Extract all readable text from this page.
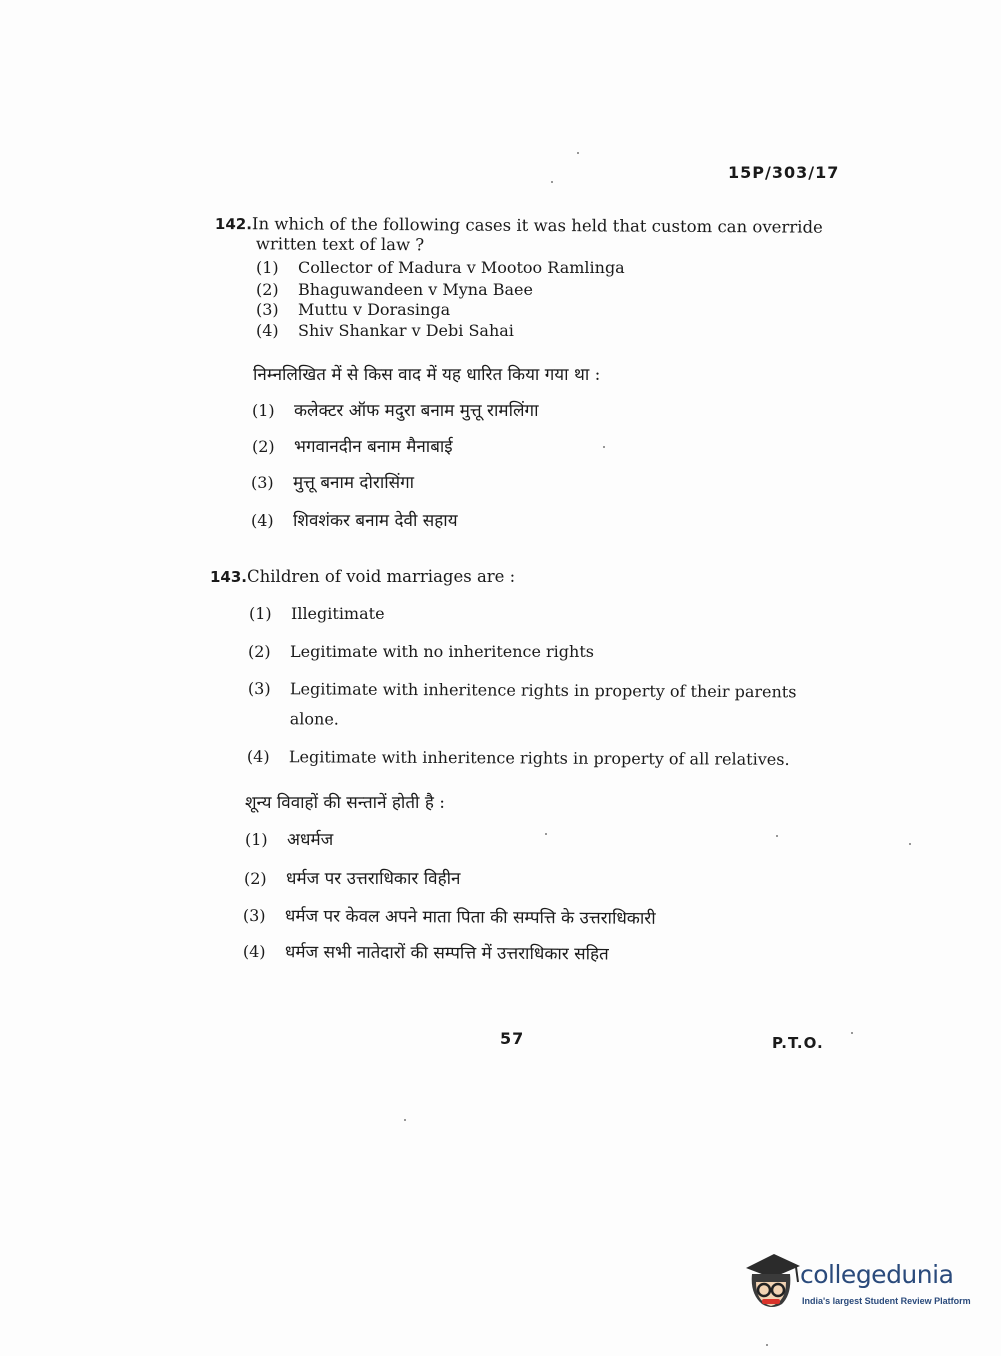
15P/303/17
142.In which of the following cases it was held that custom can override
written text of law ?
(1) Collector of Madura v Mootoo Ramlinga
(2) Bhaguwandeen v Myna Baee
(3) Muttu v Dorasinga
(4) Shiv Shankar v Debi Sahai
निम्नलिखित में से किस वाद में यह धारित किया गया था :
(1) कलेक्टर ऑफ मदुरा बनाम मुत्तू रामलिंगा
(2) भगवानदीन बनाम मैनाबाई
(3) मुत्तू बनाम दोरासिंगा
(4) शिवशंकर बनाम देवी सहाय
143.Children of void marriages are :
(1) Illegitimate
(2) Legitimate with no inheritence rights
(3) Legitimate with inheritence rights in property of their parents
alone.
(4) Legitimate with inheritence rights in property of all relatives.
शून्य विवाहों की सन्तानें होती है :
(1) अधर्मज
(2) धर्मज पर उत्तराधिकार विहीन
(3) धर्मज पर केवल अपने माता पिता की सम्पत्ति के उत्तराधिकारी
(4) धर्मज सभी नातेदारों की सम्पत्ति में उत्तराधिकार सहित
57	P.T.O.
collegedunia
India's largest Student Review Platform
